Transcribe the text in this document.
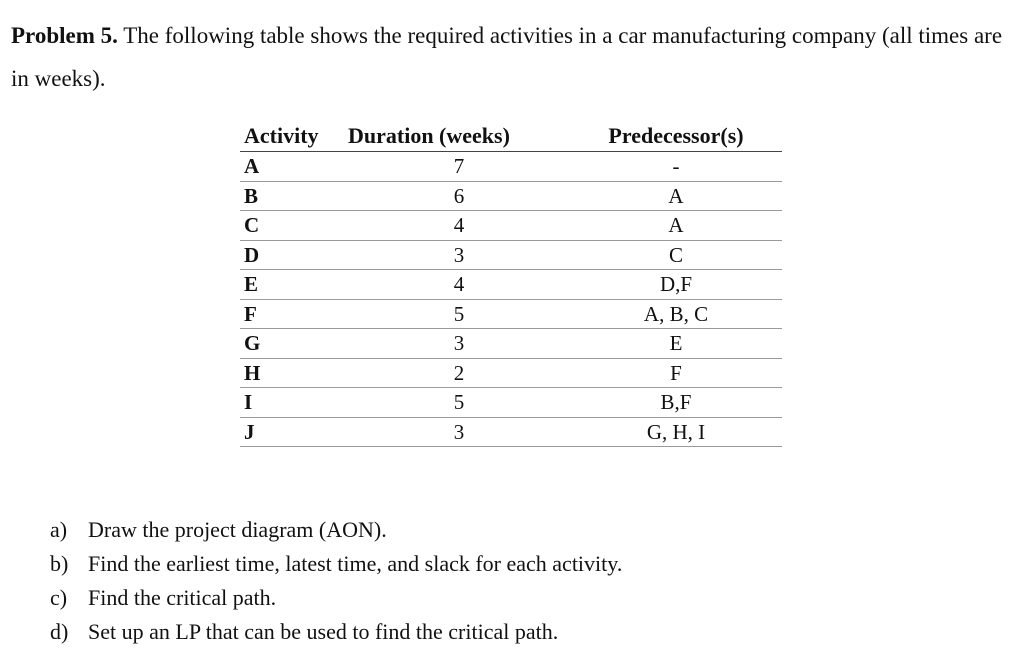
Problem 5. The following table shows the required activities in a car manufacturing company (all times are in weeks).

Activity	Duration (weeks)	Predecessor(s)
A	7	-
B	6	A
C	4	A
D	3	C
E	4	D,F
F	5	A, B, C
G	3	E
H	2	F
I	5	B,F
J	3	G, H, I
a) Draw the project diagram (AON).
b) Find the earliest time, latest time, and slack for each activity.
c) Find the critical path.
d) Set up an LP that can be used to find the critical path.
